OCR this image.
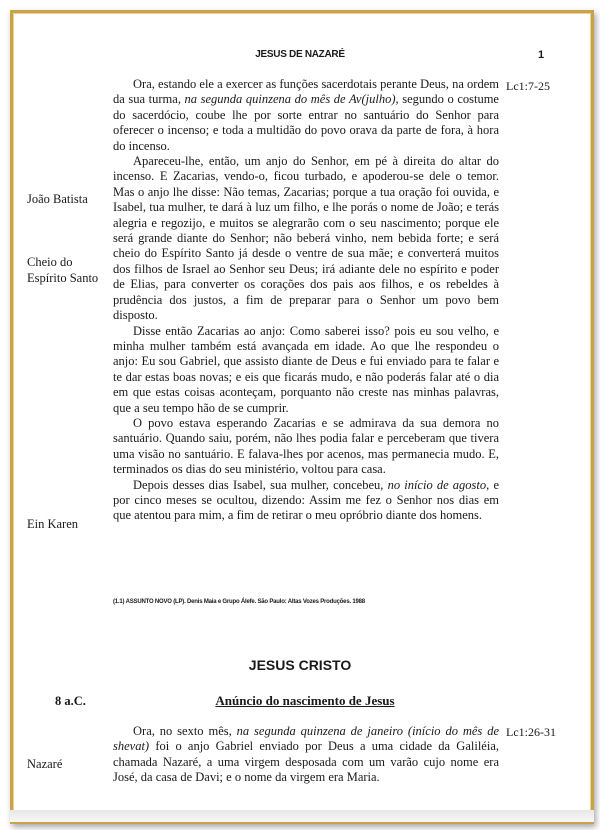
JESUS DE NAZARÉ	1
Lc1:7-25
João Batista
Cheio do
Espírito Santo
Ein Karen

Ora, estando ele a exercer as funções sacerdotais perante Deus, na ordem da sua turma, na segunda quinzena do mês de Av(julho), segundo o costume do sacerdócio, coube lhe por sorte entrar no santuário do Senhor para oferecer o incenso; e toda a multidão do povo orava da parte de fora, à hora do incenso.

Apareceu-lhe, então, um anjo do Senhor, em pé à direita do altar do incenso. E Zacarias, vendo-o, ficou turbado, e apoderou-se dele o temor. Mas o anjo lhe disse: Não temas, Zacarias; porque a tua oração foi ouvida, e Isabel, tua mulher, te dará à luz um filho, e lhe porás o nome de João; e terás alegria e regozijo, e muitos se alegrarão com o seu nascimento; porque ele será grande diante do Senhor; não beberá vinho, nem bebida forte; e será cheio do Espírito Santo já desde o ventre de sua mãe; e converterá muitos dos filhos de Israel ao Senhor seu Deus; irá adiante dele no espírito e poder de Elias, para converter os corações dos pais aos filhos, e os rebeldes à prudência dos justos, a fim de preparar para o Senhor um povo bem disposto.

Disse então Zacarias ao anjo: Como saberei isso? pois eu sou velho, e minha mulher também está avançada em idade. Ao que lhe respondeu o anjo: Eu sou Gabriel, que assisto diante de Deus e fui enviado para te falar e te dar estas boas novas; e eis que ficarás mudo, e não poderás falar até o dia em que estas coisas aconteçam, porquanto não creste nas minhas palavras, que a seu tempo hão de se cumprir.

O povo estava esperando Zacarias e se admirava da sua demora no santuário. Quando saiu, porém, não lhes podia falar e perceberam que tivera uma visão no santuário. E falava-lhes por acenos, mas permanecia mudo. E, terminados os dias do seu ministério, voltou para casa.

Depois desses dias Isabel, sua mulher, concebeu, no início de agosto, e por cinco meses se ocultou, dizendo: Assim me fez o Senhor nos dias em que atentou para mim, a fim de retirar o meu opróbrio diante dos homens.

(1.1) ASSUNTO NOVO (LP). Denis Maia e Grupo Álefe. São Paulo: Altas Vozes Produções. 1988
JESUS CRISTO
8 a.C.	Anúncio do nascimento de Jesus
Lc1:26-31
Nazaré

Ora, no sexto mês, na segunda quinzena de janeiro (início do mês de shevat) foi o anjo Gabriel enviado por Deus a uma cidade da Galiléia, chamada Nazaré, a uma virgem desposada com um varão cujo nome era José, da casa de Davi; e o nome da virgem era Maria.
